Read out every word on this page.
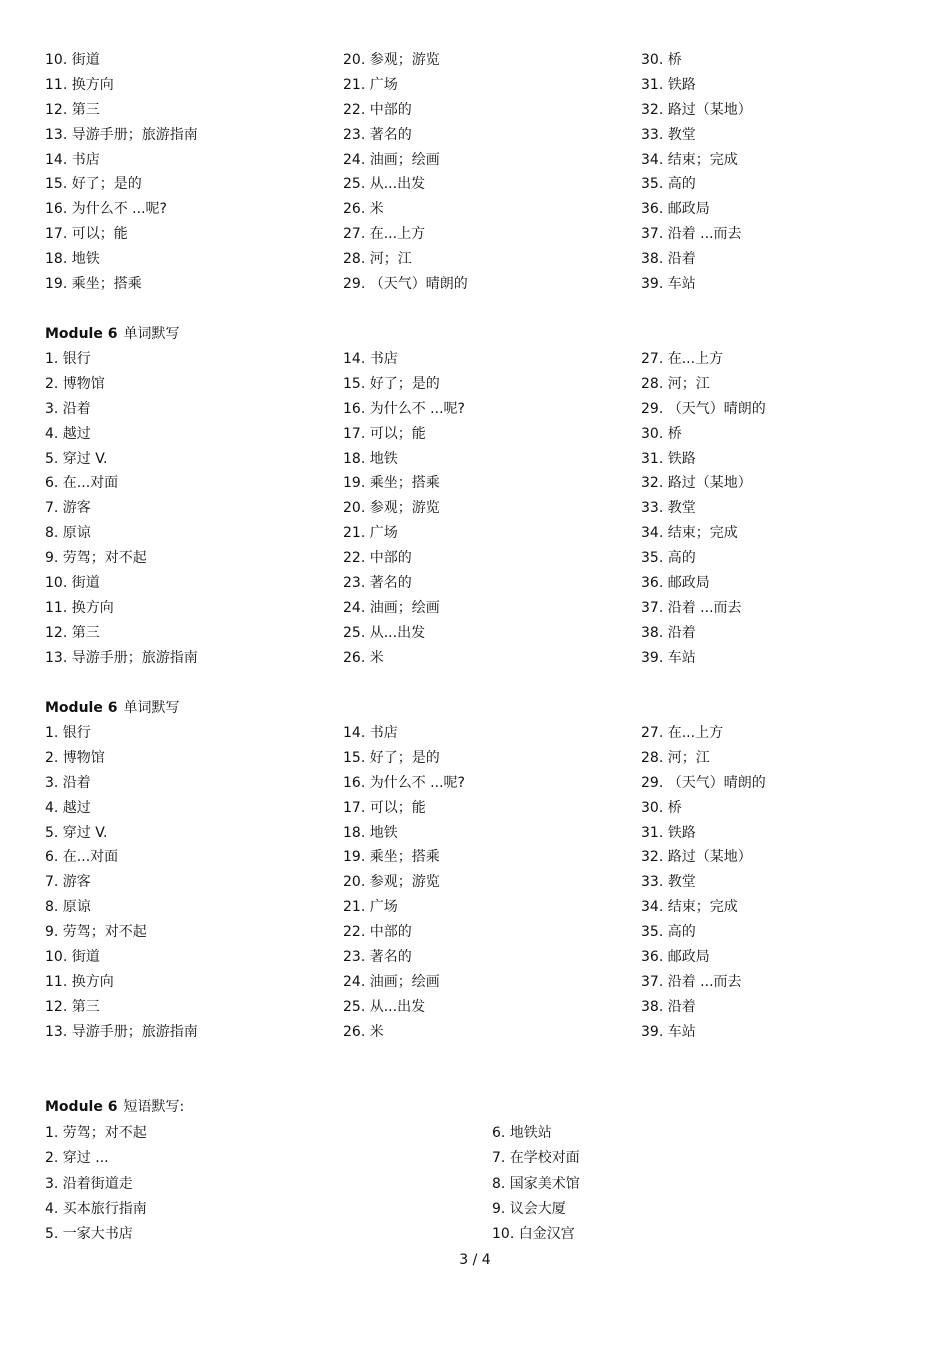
10. 街道
11. 换方向
12. 第三
13. 导游手册；旅游指南
14. 书店
15. 好了；是的
16. 为什么不 ...呢?
17. 可以；能
18. 地铁
19. 乘坐；搭乘
20. 参观；游览
21. 广场
22. 中部的
23. 著名的
24. 油画；绘画
25. 从...出发
26. 米
27. 在...上方
28. 河；江
29. （天气）晴朗的
30. 桥
31. 铁路
32. 路过（某地）
33. 教堂
34. 结束；完成
35. 高的
36. 邮政局
37. 沿着 ...而去
38. 沿着
39. 车站
Module 6 单词默写
1. 银行
2. 博物馆
3. 沿着
4. 越过
5. 穿过 V.
6. 在...对面
7. 游客
8. 原谅
9. 劳驾；对不起
10. 街道
11. 换方向
12. 第三
13. 导游手册；旅游指南
14. 书店
15. 好了；是的
16. 为什么不 ...呢?
17. 可以；能
18. 地铁
19. 乘坐；搭乘
20. 参观；游览
21. 广场
22. 中部的
23. 著名的
24. 油画；绘画
25. 从...出发
26. 米
27. 在...上方
28. 河；江
29. （天气）晴朗的
30. 桥
31. 铁路
32. 路过（某地）
33. 教堂
34. 结束；完成
35. 高的
36. 邮政局
37. 沿着 ...而去
38. 沿着
39. 车站
Module 6 单词默写
1. 银行
2. 博物馆
3. 沿着
4. 越过
5. 穿过 V.
6. 在...对面
7. 游客
8. 原谅
9. 劳驾；对不起
10. 街道
11. 换方向
12. 第三
13. 导游手册；旅游指南
14. 书店
15. 好了；是的
16. 为什么不 ...呢?
17. 可以；能
18. 地铁
19. 乘坐；搭乘
20. 参观；游览
21. 广场
22. 中部的
23. 著名的
24. 油画；绘画
25. 从...出发
26. 米
27. 在...上方
28. 河；江
29. （天气）晴朗的
30. 桥
31. 铁路
32. 路过（某地）
33. 教堂
34. 结束；完成
35. 高的
36. 邮政局
37. 沿着 ...而去
38. 沿着
39. 车站
Module 6 短语默写:
1. 劳驾；对不起
2. 穿过 ...
3. 沿着街道走
4. 买本旅行指南
5. 一家大书店
6. 地铁站
7. 在学校对面
8. 国家美术馆
9. 议会大厦
10. 白金汉宫
3 / 4
